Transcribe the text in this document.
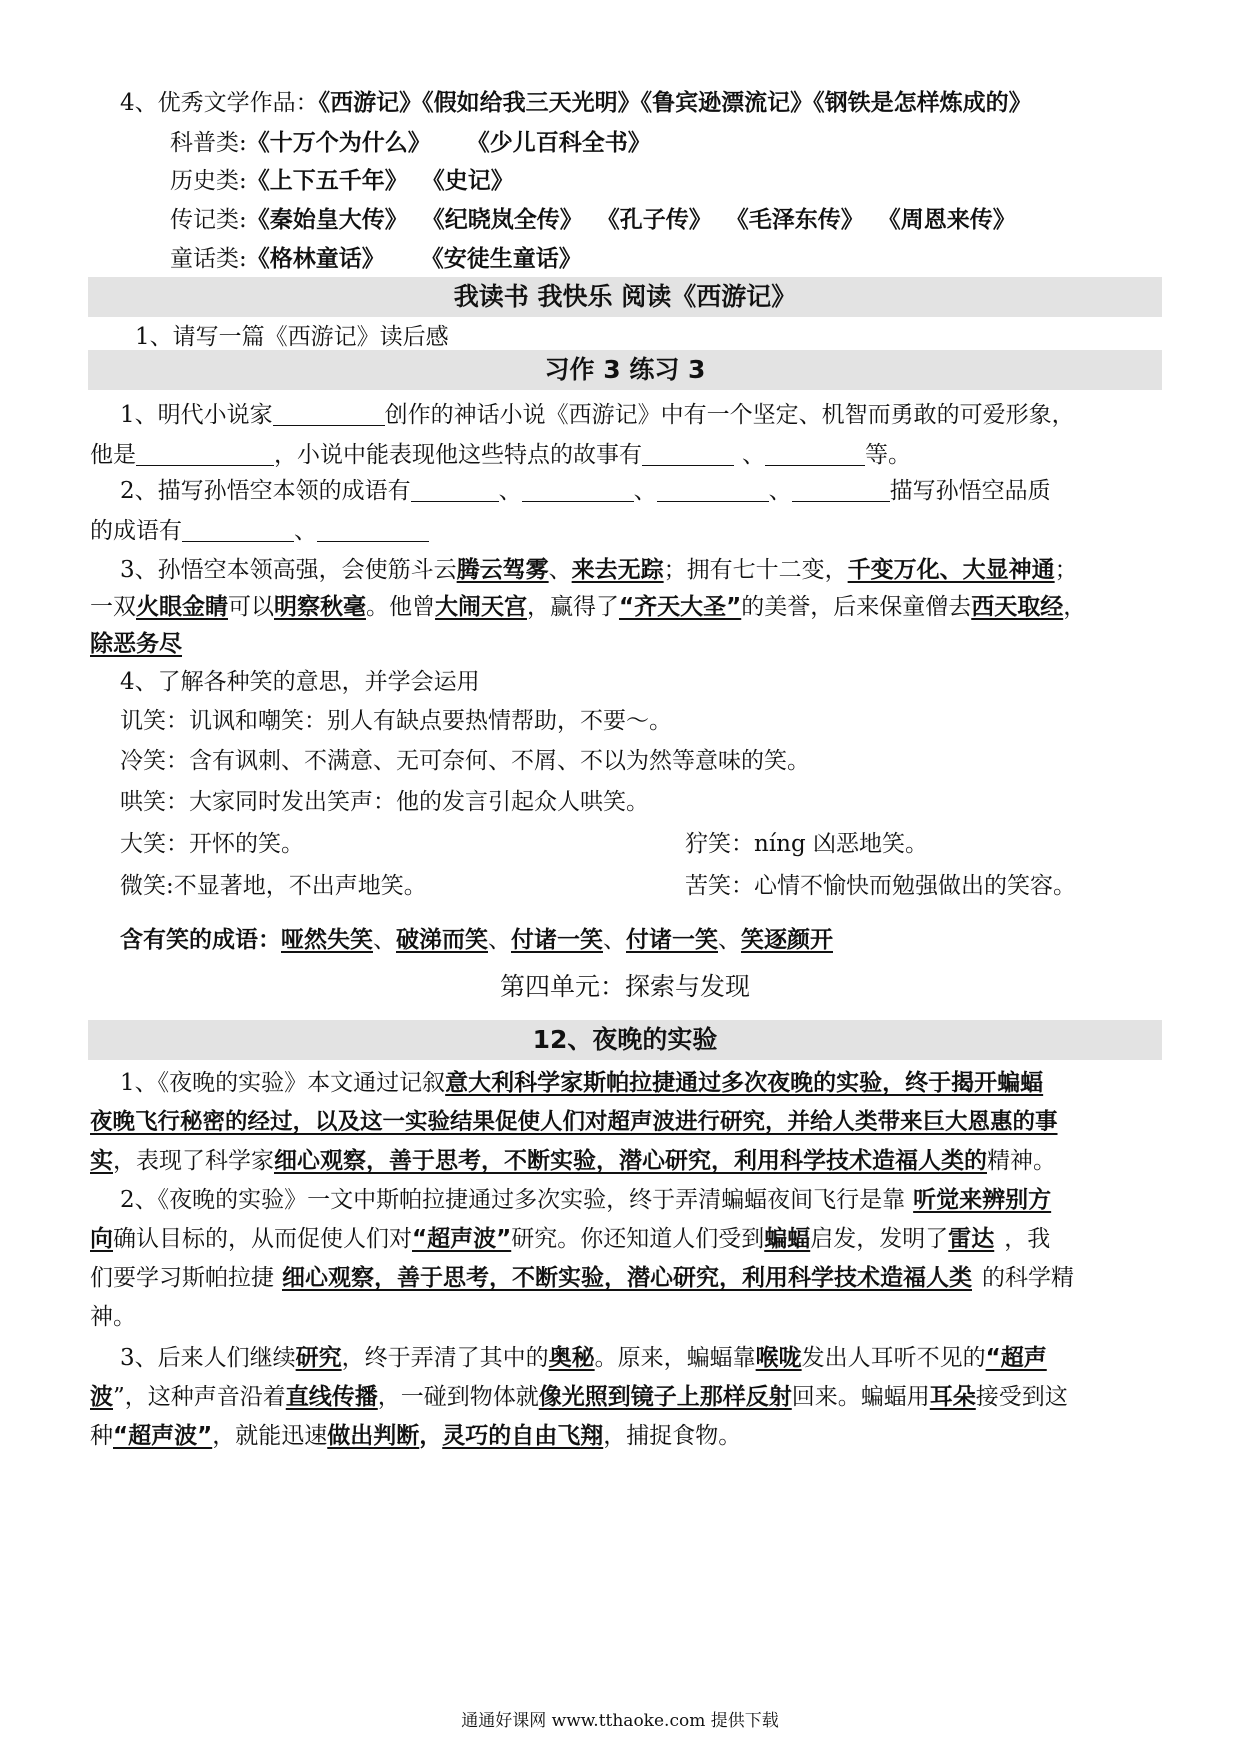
4、优秀文学作品：《西游记》《假如给我三天光明》《鲁宾逊漂流记》《钢铁是怎样炼成的》
科普类:《十万个为什么》 《少儿百科全书》
历史类:《上下五千年》 《史记》
传记类:《秦始皇大传》 《纪晓岚全传》 《孔子传》 《毛泽东传》 《周恩来传》
童话类:《格林童话》 《安徒生童话》
我读书 我快乐 阅读《西游记》
1、请写一篇《西游记》读后感
习作 3 练习 3
1、明代小说家	创作的神话小说《西游记》中有一个坚定、机智而勇敢的可爱形象，
他是	，小说中能表现他这些特点的故事有	、	等。
2、描写孙悟空本领的成语有	、	、	、	描写孙悟空品质
的成语有	、
3、孙悟空本领高强，会使筋斗云腾云驾雾、来去无踪；拥有七十二变，千变万化、大显神通；
一双火眼金睛可以明察秋毫。他曾大闹天宫，赢得了“齐天大圣”的美誉，后来保童僧去西天取经，
除恶务尽
4、了解各种笑的意思，并学会运用
讥笑：讥讽和嘲笑：别人有缺点要热情帮助，不要～。
冷笑：含有讽刺、不满意、无可奈何、不屑、不以为然等意味的笑。
哄笑：大家同时发出笑声：他的发言引起众人哄笑。
大笑：开怀的笑。	狞笑：níng 凶恶地笑。
微笑:不显著地，不出声地笑。	苦笑：心情不愉快而勉强做出的笑容。
含有笑的成语：哑然失笑、破涕而笑、付诸一笑、付诸一笑、笑逐颜开
第四单元：探索与发现
12、夜晚的实验
1、《夜晚的实验》本文通过记叙意大利科学家斯帕拉捷通过多次夜晚的实验，终于揭开蝙蝠
夜晚飞行秘密的经过，以及这一实验结果促使人们对超声波进行研究，并给人类带来巨大恩惠的事
实，表现了科学家细心观察，善于思考，不断实验，潜心研究，利用科学技术造福人类的精神。
2、《夜晚的实验》一文中斯帕拉捷通过多次实验，终于弄清蝙蝠夜间飞行是靠 听觉来辨别方
向确认目标的，从而促使人们对“超声波”研究。你还知道人们受到蝙蝠启发，发明了雷达 ，我
们要学习斯帕拉捷 细心观察，善于思考，不断实验，潜心研究，利用科学技术造福人类 的科学精
神。
3、后来人们继续研究，终于弄清了其中的奥秘。原来，蝙蝠靠喉咙发出人耳听不见的“超声
波”，这种声音沿着直线传播，一碰到物体就像光照到镜子上那样反射回来。蝙蝠用耳朵接受到这
种“超声波”，就能迅速做出判断，灵巧的自由飞翔，捕捉食物。
通通好课网 www.tthaoke.com 提供下载
